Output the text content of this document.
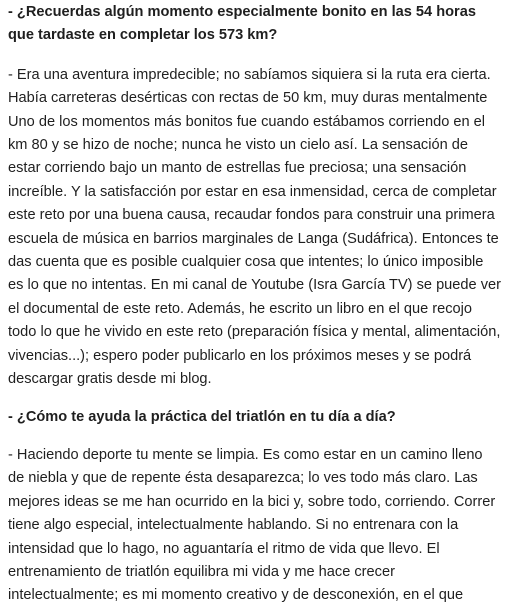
- ¿Recuerdas algún momento especialmente bonito en las 54 horas que tardaste en completar los 573 km?

- Era una aventura impredecible; no sabíamos siquiera si la ruta era cierta. Había carreteras desérticas con rectas de 50 km, muy duras mentalmente Uno de los momentos más bonitos fue cuando estábamos corriendo en el km 80 y se hizo de noche; nunca he visto un cielo así. La sensación de estar corriendo bajo un manto de estrellas fue preciosa; una sensación increíble. Y la satisfacción por estar en esa inmensidad, cerca de completar este reto por una buena causa, recaudar fondos para construir una primera escuela de música en barrios marginales de Langa (Sudáfrica). Entonces te das cuenta que es posible cualquier cosa que intentes; lo único imposible es lo que no intentas. En mi canal de Youtube (Isra García TV) se puede ver el documental de este reto. Además, he escrito un libro en el que recojo todo lo que he vivido en este reto (preparación física y mental, alimentación, vivencias...); espero poder publicarlo en los próximos meses y se podrá descargar gratis desde mi blog.

- ¿Cómo te ayuda la práctica del triatlón en tu día a día?

- Haciendo deporte tu mente se limpia. Es como estar en un camino lleno de niebla y que de repente ésta desaparezca; lo ves todo más claro. Las mejores ideas se me han ocurrido en la bici y, sobre todo, corriendo. Correr tiene algo especial, intelectualmente hablando. Si no entrenara con la intensidad que lo hago, no aguantaría el ritmo de vida que llevo. El entrenamiento de triatlón equilibra mi vida y me hace crecer intelectualmente; es mi momento creativo y de desconexión, en el que
